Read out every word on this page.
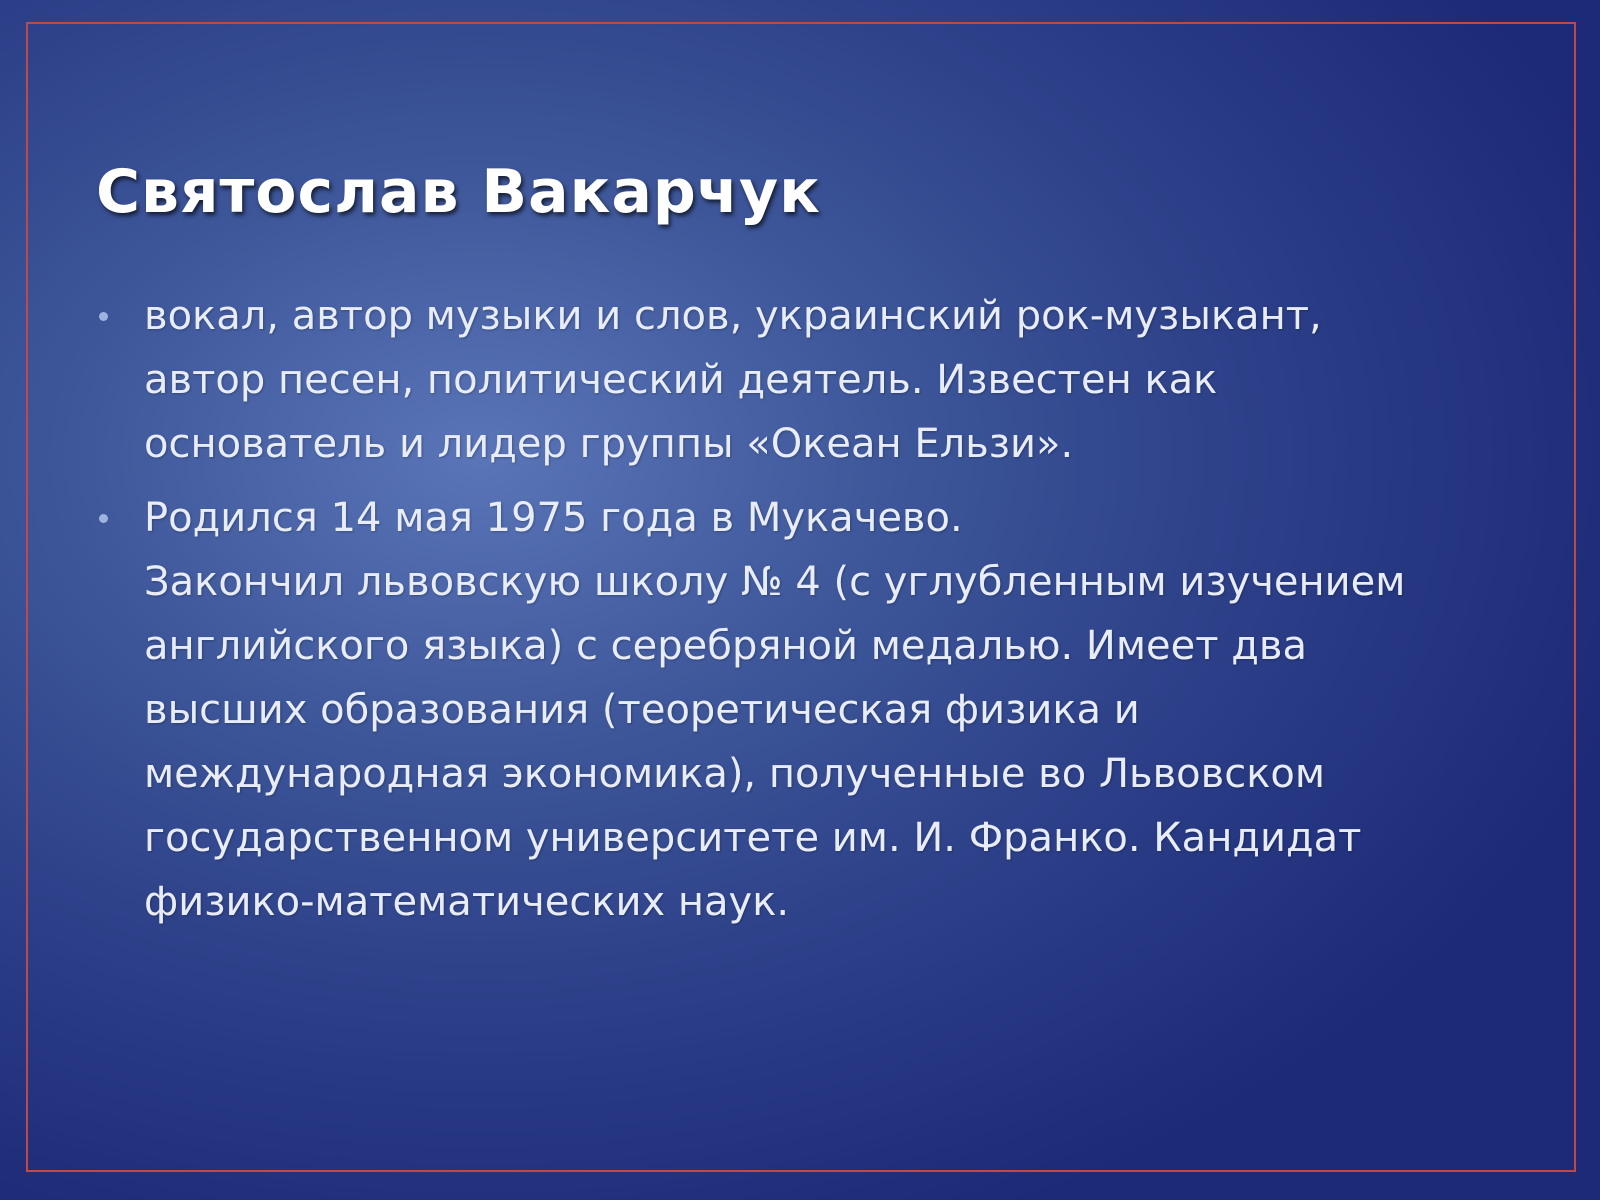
Святослав Вакарчук
вокал, автор музыки и слов, украинский рок-музыкант,
автор песен, политический деятель. Известен как
основатель и лидер группы «Океан Ельзи».
Родился 14 мая 1975 года в Мукачево.
Закончил львовскую школу № 4 (с углубленным изучением
английского языка) с серебряной медалью. Имеет два
высших образования (теоретическая физика и
международная экономика), полученные во Львовском
государственном университете им. И. Франко. Кандидат
физико-математических наук.
